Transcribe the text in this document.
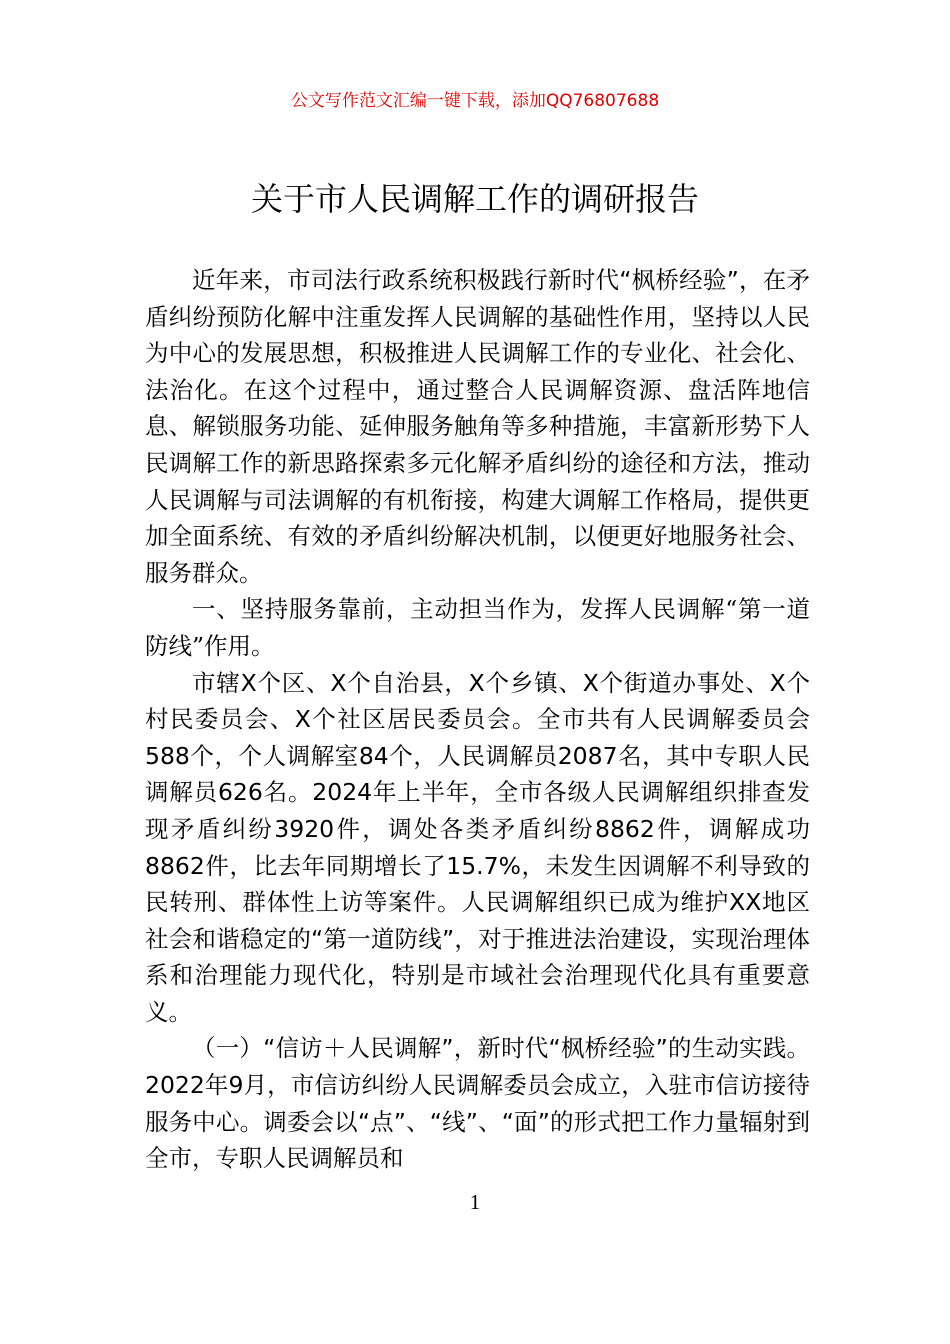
公文写作范文汇编一键下载，添加QQ76807688
关于市人民调解工作的调研报告

近年来，市司法行政系统积极践行新时代“枫桥经验”，在矛盾纠纷预防化解中注重发挥人民调解的基础性作用，坚持以人民为中心的发展思想，积极推进人民调解工作的专业化、社会化、法治化。在这个过程中，通过整合人民调解资源、盘活阵地信息、解锁服务功能、延伸服务触角等多种措施，丰富新形势下人民调解工作的新思路探索多元化解矛盾纠纷的途径和方法，推动人民调解与司法调解的有机衔接，构建大调解工作格局，提供更加全面系统、有效的矛盾纠纷解决机制，以便更好地服务社会、服务群众。

一、坚持服务靠前，主动担当作为，发挥人民调解“第一道防线”作用。

市辖X个区、X个自治县，X个乡镇、X个街道办事处、X个村民委员会、X个社区居民委员会。全市共有人民调解委员会588个，个人调解室84个，人民调解员2087名，其中专职人民调解员626名。2024年上半年，全市各级人民调解组织排查发现矛盾纠纷3920件，调处各类矛盾纠纷8862件，调解成功8862件，比去年同期增长了15.7%，未发生因调解不利导致的民转刑、群体性上访等案件。人民调解组织已成为维护XX地区社会和谐稳定的“第一道防线”，对于推进法治建设，实现治理体系和治理能力现代化，特别是市域社会治理现代化具有重要意义。

（一）“信访＋人民调解”，新时代“枫桥经验”的生动实践。2022年9月，市信访纠纷人民调解委员会成立，入驻市信访接待服务中心。调委会以“点”、“线”、“面”的形式把工作力量辐射到全市，专职人民调解员和

1
